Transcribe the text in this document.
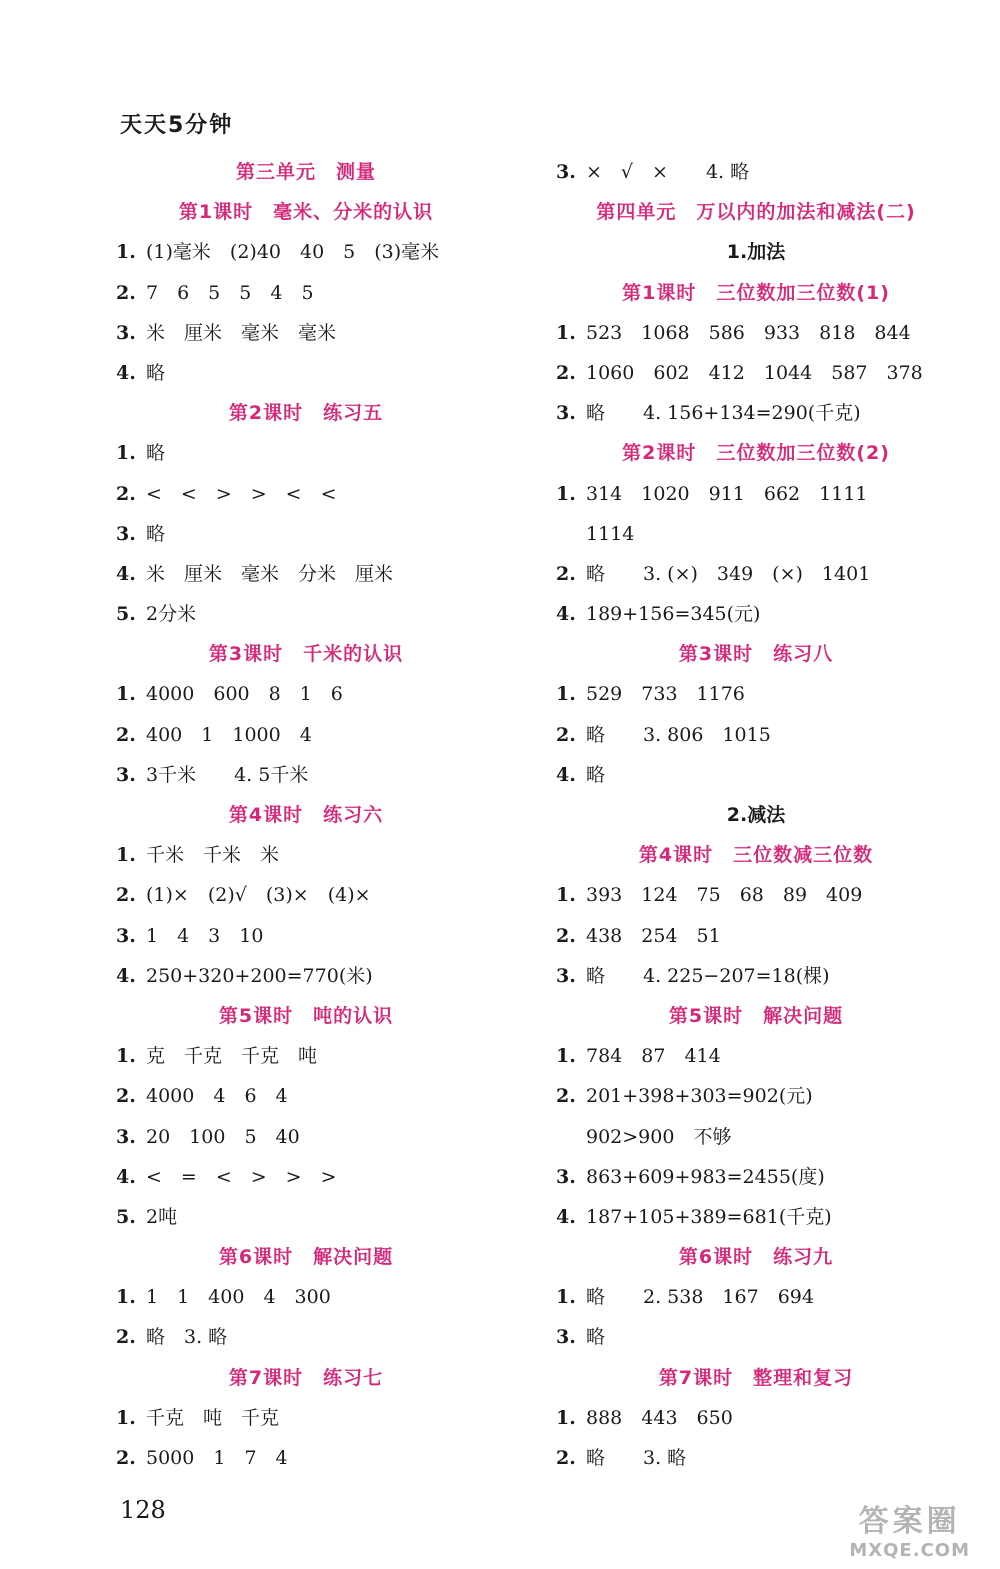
天天5分钟
第三单元　测量
第1课时　毫米、分米的认识
1. (1)毫米　(2)40　40　5　(3)毫米
2. 7　6　5　5　4　5
3. 米　厘米　毫米　毫米
4. 略
第2课时　练习五
1. 略
2. <　<　>　>　<　<
3. 略
4. 米　厘米　毫米　分米　厘米
5. 2分米
第3课时　千米的认识
1. 4000　600　8　1　6
2. 400　1　1000　4
3. 3千米　　4. 5千米
第4课时　练习六
1. 千米　千米　米
2. (1)×　(2)√　(3)×　(4)×
3. 1　4　3　10
4. 250+320+200=770(米)
第5课时　吨的认识
1. 克　千克　千克　吨
2. 4000　4　6　4
3. 20　100　5　40
4. <　=　<　>　>　>
5. 2吨
第6课时　解决问题
1. 1　1　400　4　300
2. 略　3. 略
第7课时　练习七
1. 千克　吨　千克
2. 5000　1　7　4
3. ×　√　×　　4. 略
第四单元　万以内的加法和减法(二)
1.加法
第1课时　三位数加三位数(1)
1. 523　1068　586　933　818　844
2. 1060　602　412　1044　587　378
3. 略　　4. 156+134=290(千克)
第2课时　三位数加三位数(2)
1. 314　1020　911　662　1111
1114
2. 略　　3. (×)　349　(×)　1401
4. 189+156=345(元)
第3课时　练习八
1. 529　733　1176
2. 略　　3. 806　1015
4. 略
2.减法
第4课时　三位数减三位数
1. 393　124　75　68　89　409
2. 438　254　51
3. 略　　4. 225−207=18(棵)
第5课时　解决问题
1. 784　87　414
2. 201+398+303=902(元)
902>900　不够
3. 863+609+983=2455(度)
4. 187+105+389=681(千克)
第6课时　练习九
1. 略　　2. 538　167　694
3. 略
第7课时　整理和复习
1. 888　443　650
2. 略　　3. 略
128	答案圈
MXQE.COM
